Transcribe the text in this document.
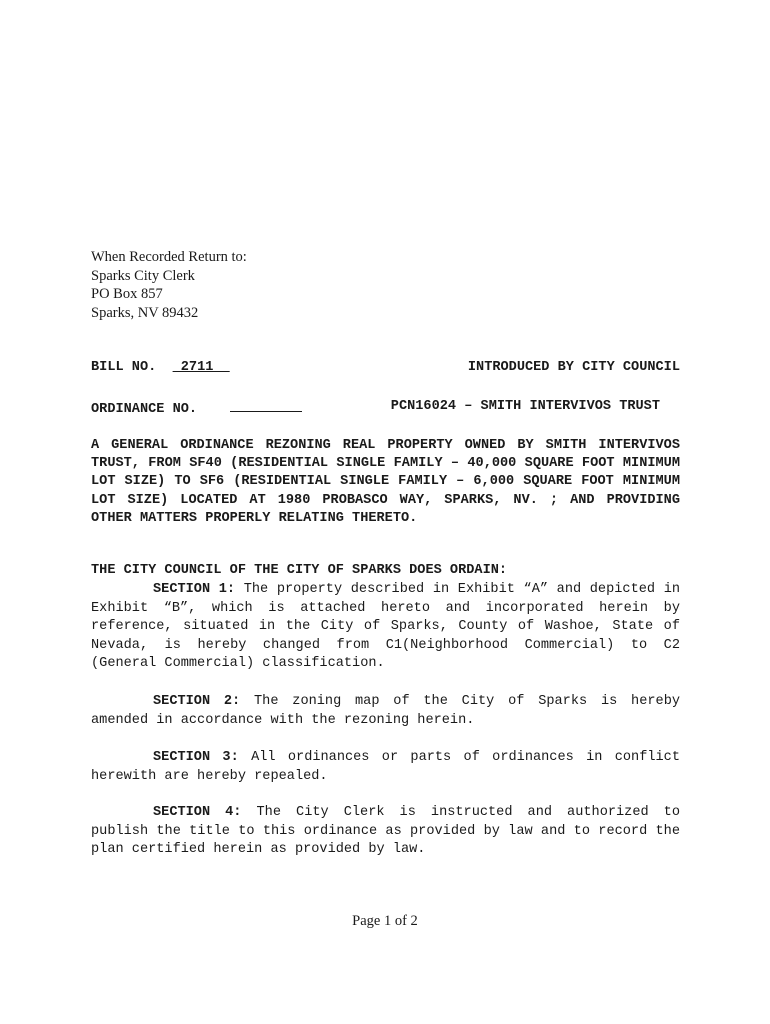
When Recorded Return to:
Sparks City Clerk
PO Box 857
Sparks, NV 89432
BILL NO.   2711	INTRODUCED BY CITY COUNCIL
ORDINANCE NO.	PCN16024 – SMITH INTERVIVOS TRUST
A GENERAL ORDINANCE REZONING REAL PROPERTY OWNED BY SMITH INTERVIVOS TRUST, FROM SF40 (RESIDENTIAL SINGLE FAMILY – 40,000 SQUARE FOOT MINIMUM LOT SIZE) TO SF6 (RESIDENTIAL SINGLE FAMILY – 6,000 SQUARE FOOT MINIMUM LOT SIZE) LOCATED AT 1980 PROBASCO WAY, SPARKS, NV. ; AND PROVIDING OTHER MATTERS PROPERLY RELATING THERETO.
THE CITY COUNCIL OF THE CITY OF SPARKS DOES ORDAIN:
SECTION 1: The property described in Exhibit “A” and depicted in Exhibit “B”, which is attached hereto and incorporated herein by reference, situated in the City of Sparks, County of Washoe, State of Nevada, is hereby changed from C1(Neighborhood Commercial) to C2 (General Commercial) classification.
SECTION 2: The zoning map of the City of Sparks is hereby amended in accordance with the rezoning herein.
SECTION 3: All ordinances or parts of ordinances in conflict herewith are hereby repealed.
SECTION 4: The City Clerk is instructed and authorized to publish the title to this ordinance as provided by law and to record the plan certified herein as provided by law.
Page 1 of 2
